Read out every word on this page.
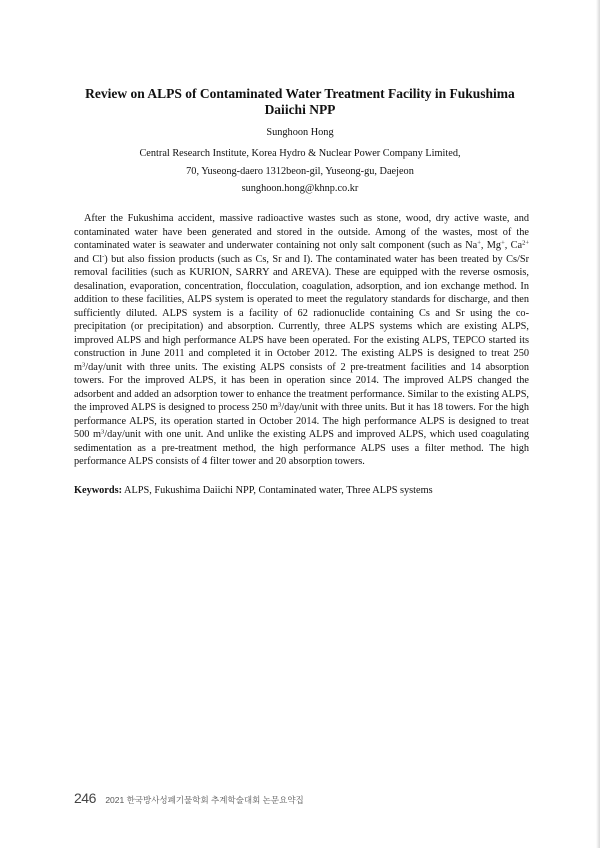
Review on ALPS of Contaminated Water Treatment Facility in Fukushima Daiichi NPP
Sunghoon Hong
Central Research Institute, Korea Hydro & Nuclear Power Company Limited,
70, Yuseong-daero 1312beon-gil, Yuseong-gu, Daejeon
sunghoon.hong@khnp.co.kr

After the Fukushima accident, massive radioactive wastes such as stone, wood, dry active waste, and contaminated water have been generated and stored in the outside. Among of the wastes, most of the contaminated water is seawater and underwater containing not only salt component (such as Na+, Mg+, $Ca^{2+}$ and Cl-) but also fission products (such as Cs, Sr and I). The contaminated water has been treated by Cs/Sr removal facilities (such as KURION, SARRY and AREVA). These are equipped with the reverse osmosis, desalination, evaporation, concentration, flocculation, coagulation, adsorption, and ion exchange method. In addition to these facilities, ALPS system is operated to meet the regulatory standards for discharge, and then sufficiently diluted. ALPS system is a facility of 62 radionuclide containing Cs and Sr using the co-precipitation (or precipitation) and absorption. Currently, three ALPS systems which are existing ALPS, improved ALPS and high performance ALPS have been operated. For the existing ALPS, TEPCO started its construction in June 2011 and completed it in October 2012. The existing ALPS is designed to treat 250 $m^3/day$/unit with three units. The existing ALPS consists of 2 pre-treatment facilities and 14 absorption towers. For the improved ALPS, it has been in operation since 2014. The improved ALPS changed the adsorbent and added an adsorption tower to enhance the treatment performance. Similar to the existing ALPS, the improved ALPS is designed to process 250 $m^3/day$/unit with three units. But it has 18 towers. For the high performance ALPS, its operation started in October 2014. The high performance ALPS is designed to treat 500 $m^3/day$/unit with one unit. And unlike the existing ALPS and improved ALPS, which used coagulating sedimentation as a pre-treatment method, the high performance ALPS uses a filter method. The high performance ALPS consists of 4 filter tower and 20 absorption towers.

Keywords: ALPS, Fukushima Daiichi NPP, Contaminated water, Three ALPS systems

246 2021 한국방사성폐기물학회 추계학술대회 논문요약집
